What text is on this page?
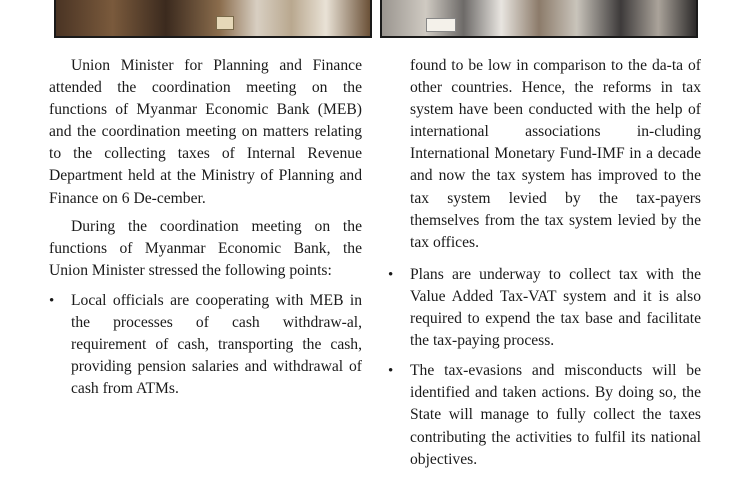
Union Minister for Planning and Finance attended the coordination meeting on the functions of Myanmar Economic Bank (MEB) and the coordination meeting on matters relating to the collecting taxes of Internal Revenue Department held at the Ministry of Planning and Finance on 6 De-cember.

During the coordination meeting on the functions of Myanmar Economic Bank, the Union Minister stressed the following points:

• Local officials are cooperating with MEB in the processes of cash withdraw-al, requirement of cash, transporting the cash, providing pension salaries and withdrawal of cash from ATMs.

found to be low in comparison to the da-ta of other countries. Hence, the reforms in tax system have been conducted with the help of international associations in-cluding International Monetary Fund-IMF in a decade and now the tax system has improved to the tax system levied by the tax-payers themselves from the tax system levied by the tax offices.

• Plans are underway to collect tax with the Value Added Tax-VAT system and it is also required to expend the tax base and facilitate the tax-paying process.
• The tax-evasions and misconducts will be identified and taken actions. By doing so, the State will manage to fully collect the taxes contributing the activities to fulfil its national objectives.
